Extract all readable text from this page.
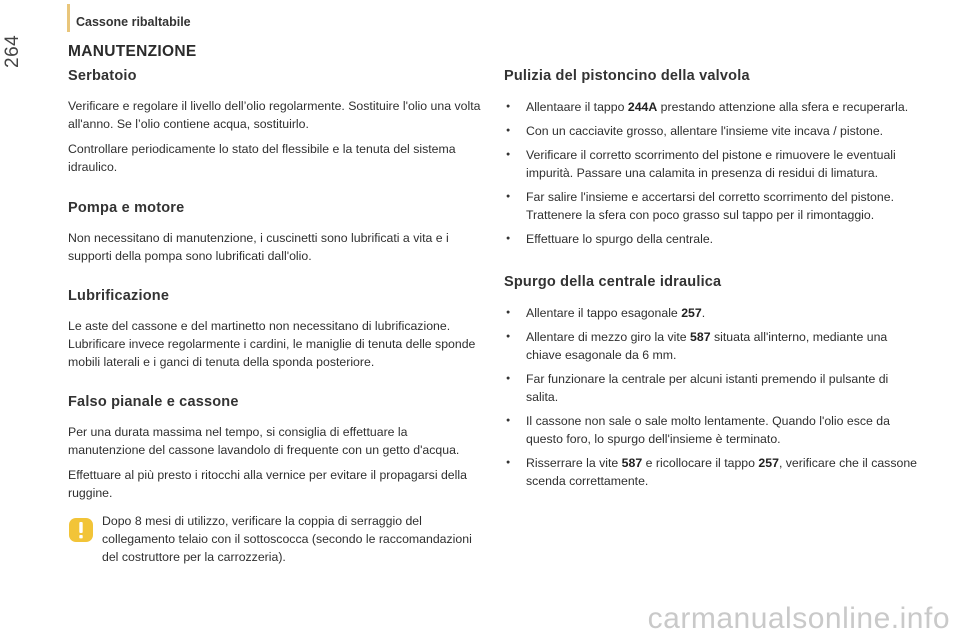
264
Cassone ribaltabile
MANUTENZIONE
Serbatoio

Verificare e regolare il livello dell’olio regolarmente. Sostituire l'olio una volta all'anno. Se l’olio contiene acqua, sostituirlo.

Controllare periodicamente lo stato del flessibile e la tenuta del sistema idraulico.

Pompa e motore

Non necessitano di manutenzione, i cuscinetti sono lubrificati a vita e i supporti della pompa sono lubrificati dall'olio.

Lubrificazione

Le aste del cassone e del martinetto non necessitano di lubrificazione. Lubrificare invece regolarmente i cardini, le maniglie di tenuta delle sponde mobili laterali e i ganci di tenuta della sponda posteriore.

Falso pianale e cassone

Per una durata massima nel tempo, si consiglia di effettuare la manutenzione del cassone lavandolo di frequente con un getto d'acqua.

Effettuare al più presto i ritocchi alla vernice per evitare il propagarsi della ruggine.

Dopo 8 mesi di utilizzo, verificare la coppia di serraggio del collegamento telaio con il sottoscocca (secondo le raccomandazioni del costruttore per la carrozzeria).

Pulizia del pistoncino della valvola
● Allentaare il tappo 244A prestando attenzione alla sfera e recuperarla.
● Con un cacciavite grosso, allentare l'insieme vite incava / pistone.
● Verificare il corretto scorrimento del pistone e rimuovere le eventuali impurità. Passare una calamita in presenza di residui di limatura.
● Far salire l'insieme e accertarsi del corretto scorrimento del pistone. Trattenere la sfera con poco grasso sul tappo per il rimontaggio.
● Effettuare lo spurgo della centrale.
Spurgo della centrale idraulica
● Allentare il tappo esagonale 257.
● Allentare di mezzo giro la vite 587 situata all'interno, mediante una chiave esagonale da 6 mm.
● Far funzionare la centrale per alcuni istanti premendo il pulsante di salita.
● Il cassone non sale o sale molto lentamente. Quando l'olio esce da questo foro, lo spurgo dell'insieme è terminato.
● Risserrare la vite 587 e ricollocare il tappo 257, verificare che il cassone scenda correttamente.
carmanualsonline.info
